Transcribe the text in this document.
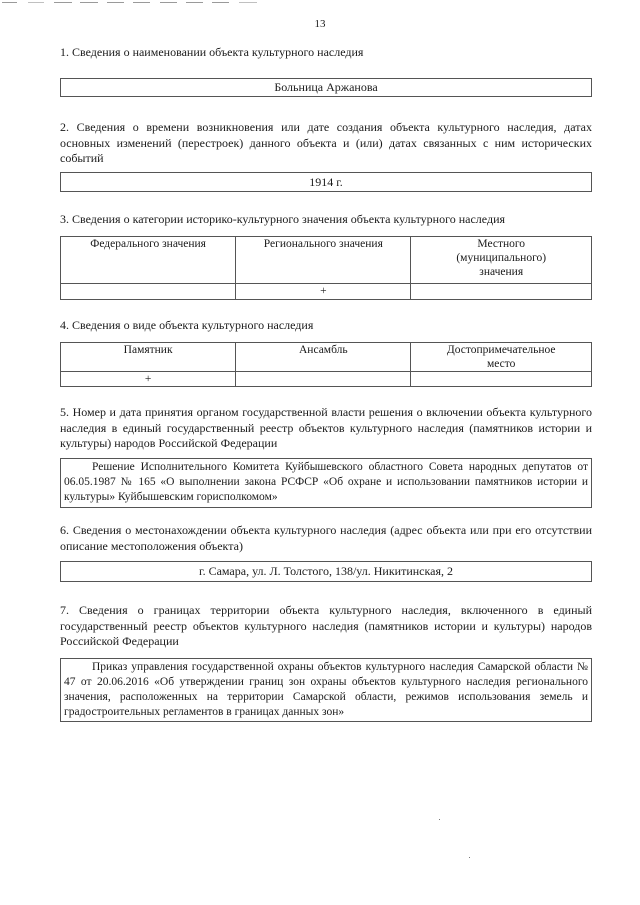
13
1. Сведения о наименовании объекта культурного наследия
Больница Аржанова
2. Сведения о времени возникновения или дате создания объекта культурного наследия, датах основных изменений (перестроек) данного объекта и (или) датах связанных с ним исторических событий
1914 г.
3. Сведения о категории историко-культурного значения объекта культурного наследия
Федерального значения	Регионального значения	Местного (муниципального) значения
	+	
4. Сведения о виде объекта культурного наследия
Памятник	Ансамбль	Достопримечательное место
+		
5. Номер и дата принятия органом государственной власти решения о включении объекта культурного наследия в единый государственный реестр объектов культурного наследия (памятников истории и культуры) народов Российской Федерации
Решение Исполнительного Комитета Куйбышевского областного Совета народных депутатов от 06.05.1987 № 165 «О выполнении закона РСФСР «Об охране и использовании памятников истории и культуры» Куйбышевским горисполкомом»
6. Сведения о местонахождении объекта культурного наследия (адрес объекта или при его отсутствии описание местоположения объекта)
г. Самара, ул. Л. Толстого, 138/ул. Никитинская, 2
7. Сведения о границах территории объекта культурного наследия, включенного в единый государственный реестр объектов культурного наследия (памятников истории и культуры) народов Российской Федерации
Приказ управления государственной охраны объектов культурного наследия Самарской области № 47 от 20.06.2016 «Об утверждении границ зон охраны объектов культурного наследия регионального значения, расположенных на территории Самарской области, режимов использования земель и градостроительных регламентов в границах данных зон»
